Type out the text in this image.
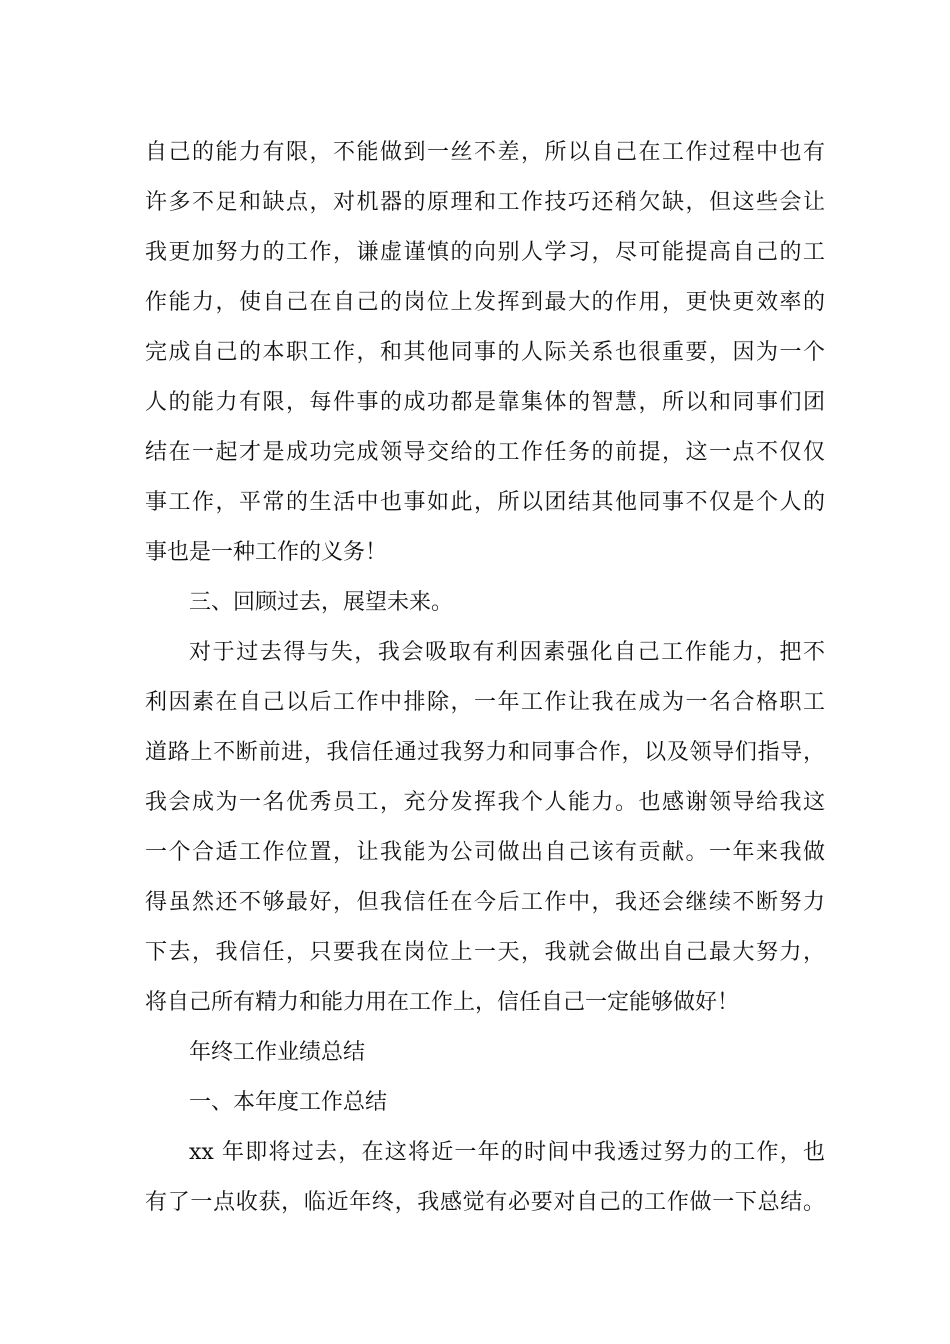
自己的能力有限，不能做到一丝不差，所以自己在工作过程中也有
许多不足和缺点，对机器的原理和工作技巧还稍欠缺，但这些会让
我更加努力的工作，谦虚谨慎的向别人学习，尽可能提高自己的工
作能力，使自己在自己的岗位上发挥到最大的作用，更快更效率的
完成自己的本职工作，和其他同事的人际关系也很重要，因为一个
人的能力有限，每件事的成功都是靠集体的智慧，所以和同事们团
结在一起才是成功完成领导交给的工作任务的前提，这一点不仅仅
事工作，平常的生活中也事如此，所以团结其他同事不仅是个人的
事也是一种工作的义务！
三、回顾过去，展望未来。
对于过去得与失，我会吸取有利因素强化自己工作能力，把不
利因素在自己以后工作中排除，一年工作让我在成为一名合格职工
道路上不断前进，我信任通过我努力和同事合作，以及领导们指导，
我会成为一名优秀员工，充分发挥我个人能力。也感谢领导给我这
一个合适工作位置，让我能为公司做出自己该有贡献。一年来我做
得虽然还不够最好，但我信任在今后工作中，我还会继续不断努力
下去，我信任，只要我在岗位上一天，我就会做出自己最大努力，
将自己所有精力和能力用在工作上，信任自己一定能够做好！
年终工作业绩总结
一、本年度工作总结
xx 年即将过去，在这将近一年的时间中我透过努力的工作，也
有了一点收获，临近年终，我感觉有必要对自己的工作做一下总结。
